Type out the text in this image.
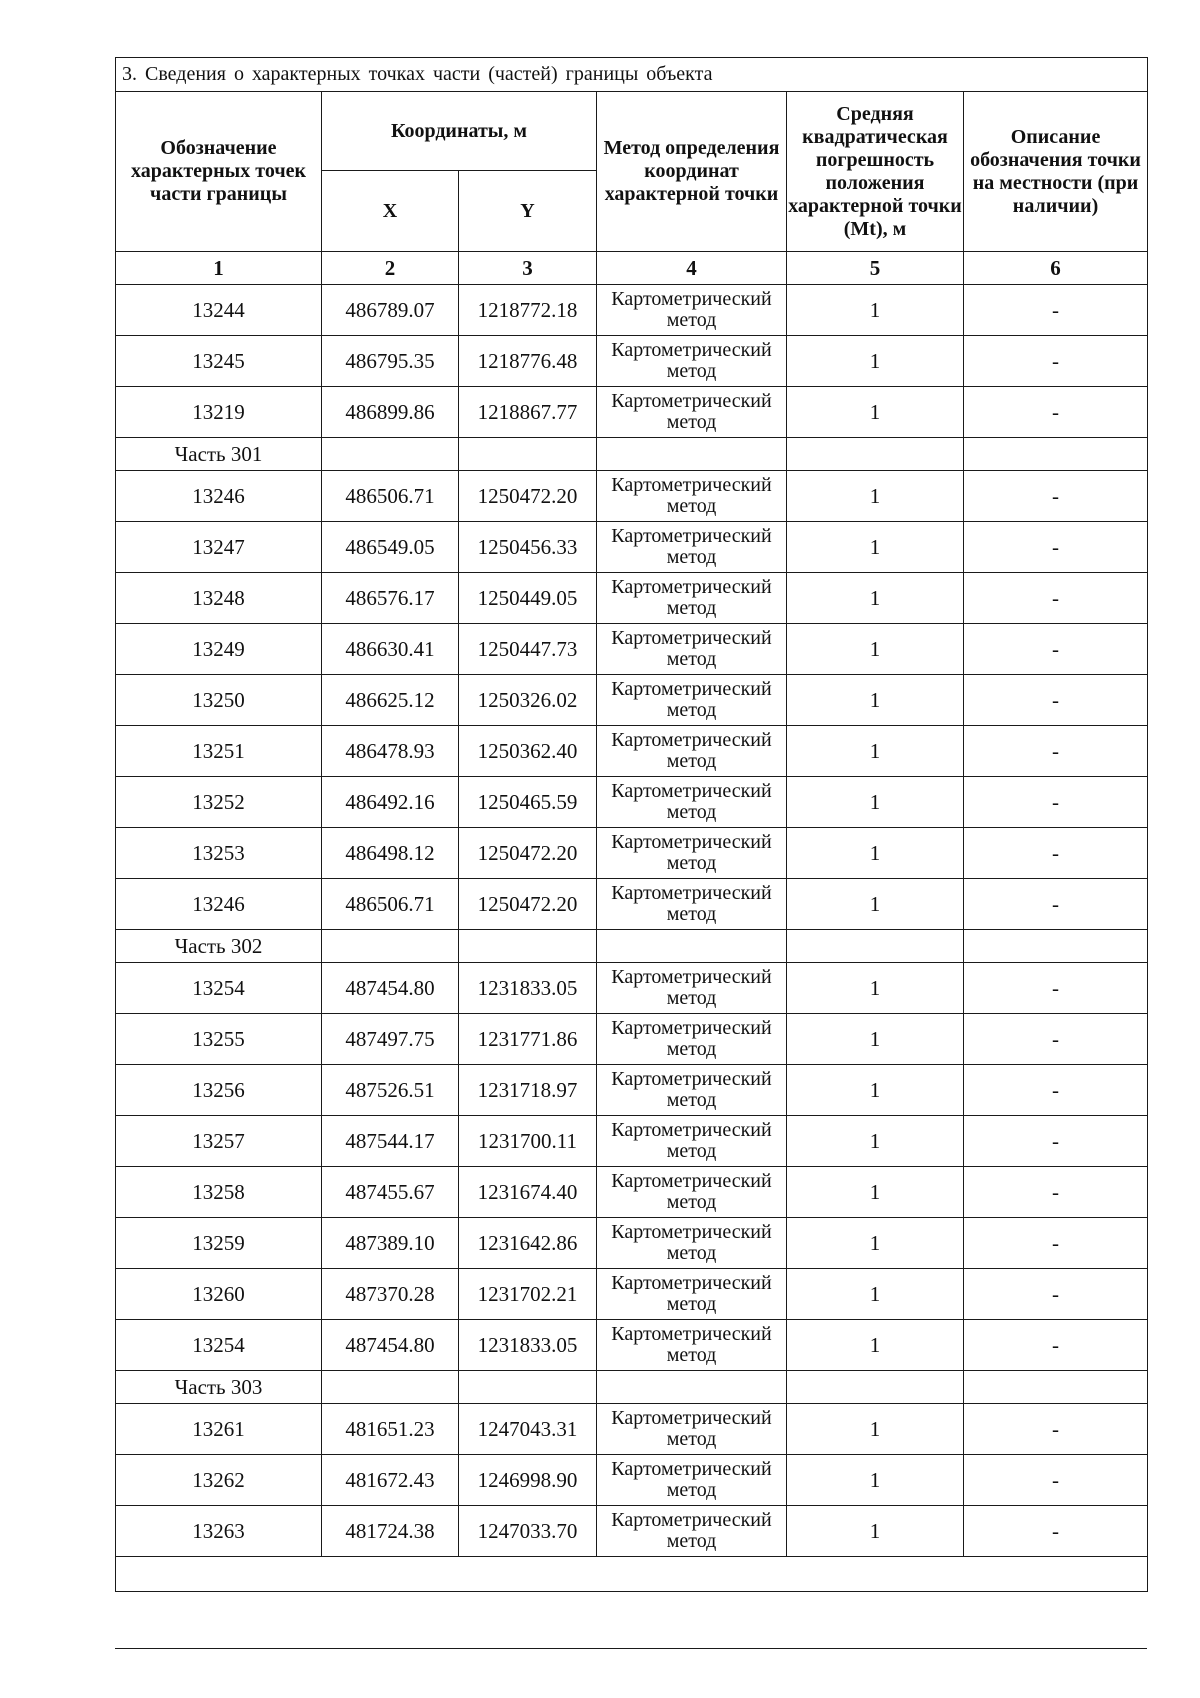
3. Сведения о характерных точках части (частей) границы объекта					
Обозначение характерных точек части границы	Координаты, м		Метод определения координат характерной точки	Средняя квадратическая погрешность положения характерной точки (Mt), м	Описание обозначения точки на местности (при наличии)
	X	Y			
1	2	3	4	5	6
13244	486789.07	1218772.18	Картометрический метод	1	-
13245	486795.35	1218776.48	Картометрический метод	1	-
13219	486899.86	1218867.77	Картометрический метод	1	-
Часть 301					
13246	486506.71	1250472.20	Картометрический метод	1	-
13247	486549.05	1250456.33	Картометрический метод	1	-
13248	486576.17	1250449.05	Картометрический метод	1	-
13249	486630.41	1250447.73	Картометрический метод	1	-
13250	486625.12	1250326.02	Картометрический метод	1	-
13251	486478.93	1250362.40	Картометрический метод	1	-
13252	486492.16	1250465.59	Картометрический метод	1	-
13253	486498.12	1250472.20	Картометрический метод	1	-
13246	486506.71	1250472.20	Картометрический метод	1	-
Часть 302					
13254	487454.80	1231833.05	Картометрический метод	1	-
13255	487497.75	1231771.86	Картометрический метод	1	-
13256	487526.51	1231718.97	Картометрический метод	1	-
13257	487544.17	1231700.11	Картометрический метод	1	-
13258	487455.67	1231674.40	Картометрический метод	1	-
13259	487389.10	1231642.86	Картометрический метод	1	-
13260	487370.28	1231702.21	Картометрический метод	1	-
13254	487454.80	1231833.05	Картометрический метод	1	-
Часть 303					
13261	481651.23	1247043.31	Картометрический метод	1	-
13262	481672.43	1246998.90	Картометрический метод	1	-
13263	481724.38	1247033.70	Картометрический метод	1	-
